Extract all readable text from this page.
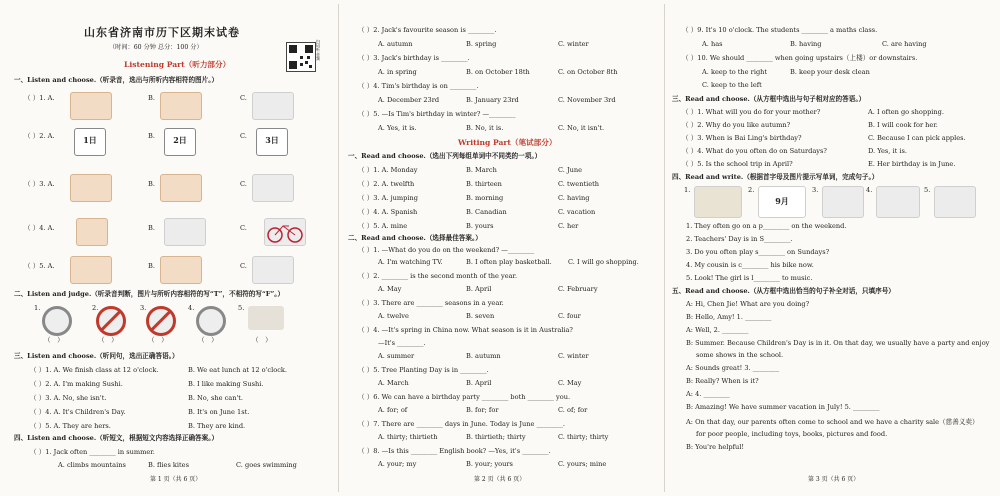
山东省济南市历下区期末试卷
（时间：60 分钟 总分：100 分）
扫码听音频
Listening Part（听力部分）
一、Listen and choose.（听录音，选出与所听内容相符的图片。）
（ ）1. A.	B.	C.
（ ）2. A.	B.	C.
1日	2日	3日
（ ）3. A.	B.	C.
（ ）4. A.	B.	C.
（ ）5. A.	B.	C.
二、Listen and judge.（听录音判断，图片与所听内容相符的写“T”，不相符的写“F”。）
1.	2.	3.	4.	5.
（　）	（　）	（　）	（　）	（　）
三、Listen and choose.（听问句，选出正确答语。）
（ ）1. A. We finish class at 12 o'clock.	B. We eat lunch at 12 o'clock.
（ ）2. A. I'm making Sushi.	B. I like making Sushi.
（ ）3. A. No, she isn't.	B. No, she can't.
（ ）4. A. It's Children's Day.	B. It's on June 1st.
（ ）5. A. They are hers.	B. They are kind.
四、Listen and choose.（听短文，根据短文内容选择正确答案。）
（ ）1. Jack often ________ in summer.
A. climbs mountains	B. flies kites	C. goes swimming
第 1 页（共 6 页）
（ ）2. Jack's favourite season is ________.
A. autumn	B. spring	C. winter
（ ）3. Jack's birthday is ________.
A. in spring	B. on October 18th	C. on October 8th
（ ）4. Tim's birthday is on ________.
A. December 23rd	B. January 23rd	C. November 3rd
（ ）5. —Is Tim's birthday in winter? —________
A. Yes, it is.	B. No, it is.	C. No, it isn't.
Writing Part（笔试部分）
一、Read and choose.（选出下列每组单词中不同类的一项。）
（ ）1. A. Monday	B. March	C. June
（ ）2. A. twelfth	B. thirteen	C. twentieth
（ ）3. A. jumping	B. morning	C. having
（ ）4. A. Spanish	B. Canadian	C. vacation
（ ）5. A. mine	B. yours	C. her
二、Read and choose.（选择最佳答案。）
（ ）1. —What do you do on the weekend? —________
A. I'm watching TV.	B. I often play basketball. C. I will go shopping.
（ ）2. ________ is the second month of the year.
A. May	B. April	C. February
（ ）3. There are ________ seasons in a year.
A. twelve	B. seven	C. four
（ ）4. —It's spring in China now. What season is it in Australia?
—It's ________.
A. summer	B. autumn	C. winter
（ ）5. Tree Planting Day is in ________.
A. March	B. April	C. May
（ ）6. We can have a birthday party ________ both ________ you.
A. for; of	B. for; for	C. of; for
（ ）7. There are ________ days in June. Today is June ________.
A. thirty; thirtieth	B. thirtieth; thirty	C. thirty; thirty
（ ）8. —Is this ________ English book? —Yes, it's ________.
A. your; my	B. your; yours	C. yours; mine
第 2 页（共 6 页）
（ ）9. It's 10 o'clock. The students ________ a maths class.
A. has	B. having	C. are having
（ ）10. We should ________ when going upstairs（上楼）or downstairs.
A. keep to the right	B. keep your desk clean
C. keep to the left
三、Read and choose.（从方框中选出与句子相对应的答语。）
（ ）1. What will you do for your mother?	A. I often go shopping.
（ ）2. Why do you like autumn?	B. I will cook for her.
（ ）3. When is Bai Ling's birthday?	C. Because I can pick apples.
（ ）4. What do you often do on Saturdays?	D. Yes, it is.
（ ）5. Is the school trip in April?	E. Her birthday is in June.
四、Read and write.（根据首字母及图片提示写单词，完成句子。）
1.	2.
9月
3.	4.	5.
1. They often go on a p________ on the weekend.
2. Teachers' Day is in S________.
3. Do you often play s________ on Sundays?
4. My cousin is c________ his bike now.
5. Look! The girl is l________ to music.
五、Read and choose.（从方框中选出恰当的句子补全对话，只填序号）
A: Hi, Chen Jie! What are you doing?
B: Hello, Amy! 1. ________
A: Well, 2. ________
B: Summer. Because Children's Day is in it. On that day, we usually have a party and enjoy
some shows in the school.
A: Sounds great! 3. ________
B: Really? When is it?
A: 4. ________
B: Amazing! We have summer vacation in July! 5. ________
A: On that day, our parents often come to school and we have a charity sale（慈善义卖）
for poor people, including toys, books, pictures and food.
B: You're helpful!
第 3 页（共 6 页）
